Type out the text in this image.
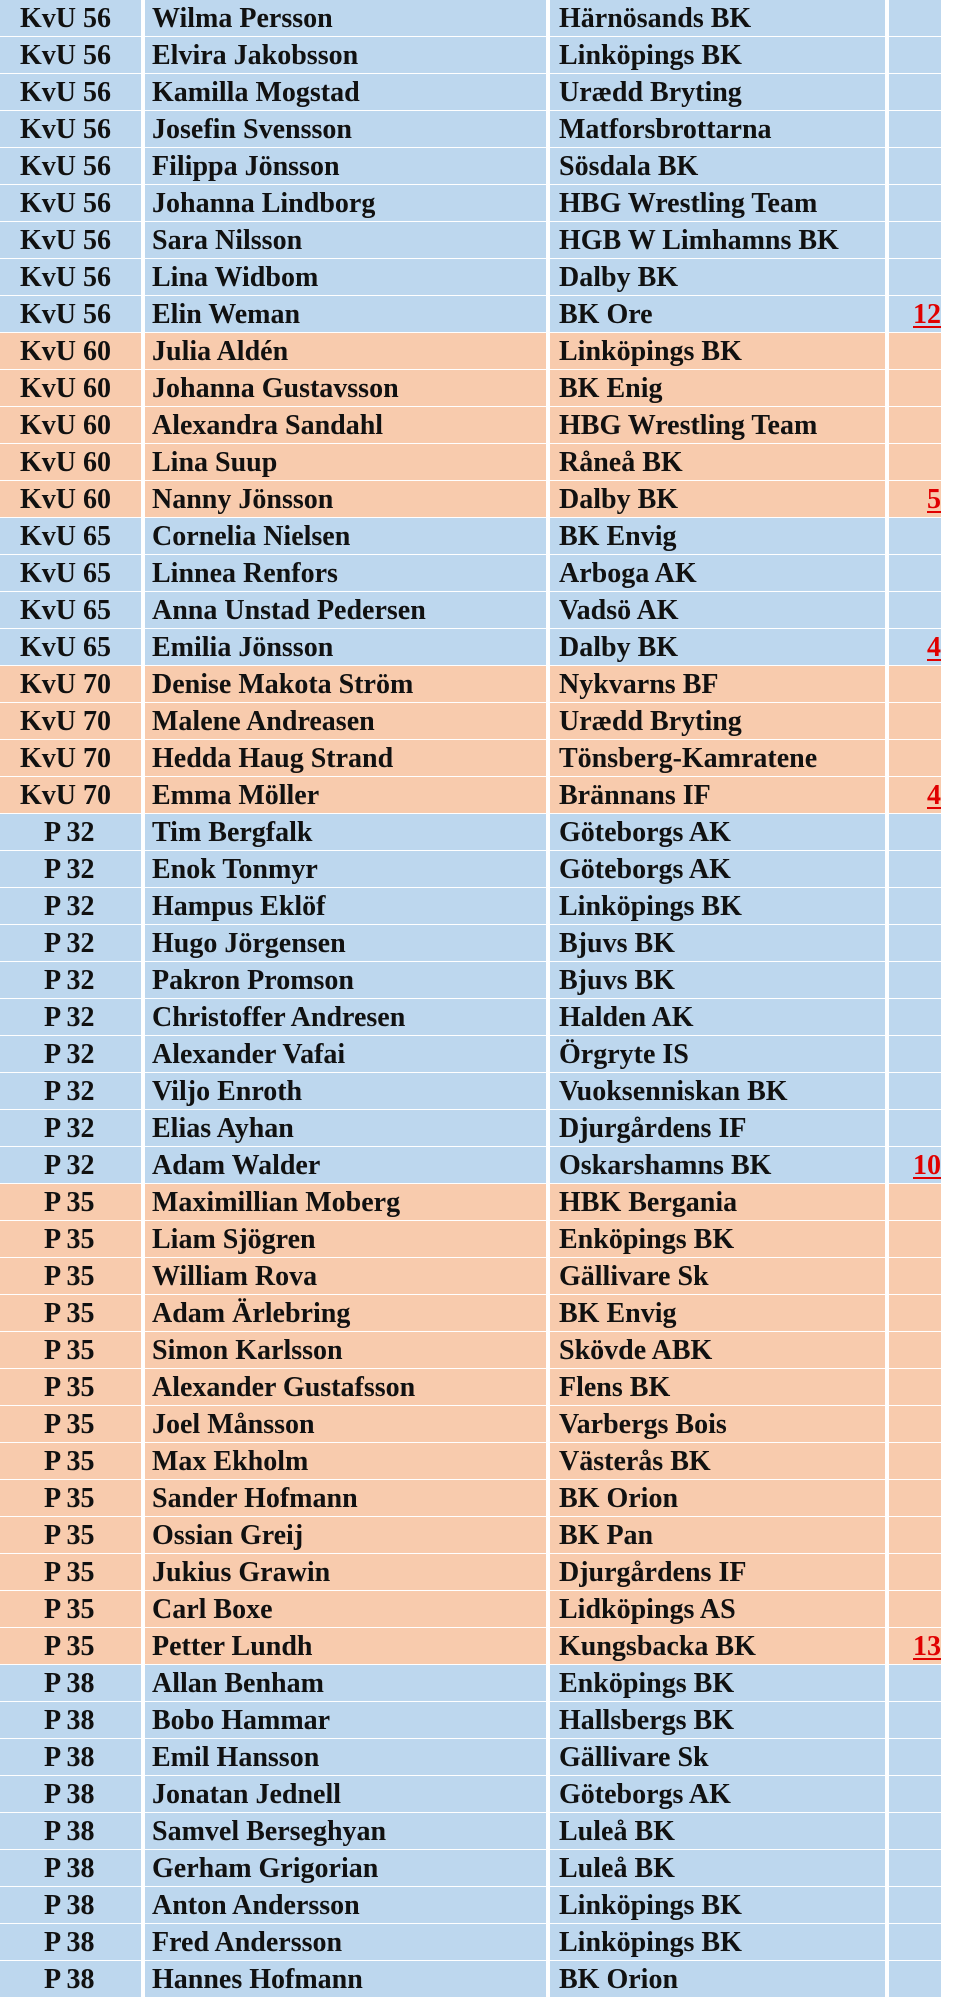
KvU 56	Wilma Persson	Härnösands BK
KvU 56	Elvira Jakobsson	Linköpings BK
KvU 56	Kamilla Mogstad	Urædd Bryting
KvU 56	Josefin Svensson	Matforsbrottarna
KvU 56	Filippa Jönsson	Sösdala BK
KvU 56	Johanna Lindborg	HBG Wrestling Team
KvU 56	Sara Nilsson	HGB W Limhamns BK
KvU 56	Lina Widbom	Dalby BK
KvU 56	Elin Weman	BK Ore	12
KvU 60	Julia Aldén	Linköpings BK
KvU 60	Johanna Gustavsson	BK Enig
KvU 60	Alexandra Sandahl	HBG Wrestling Team
KvU 60	Lina Suup	Råneå BK
KvU 60	Nanny Jönsson	Dalby BK	5
KvU 65	Cornelia Nielsen	BK Envig
KvU 65	Linnea Renfors	Arboga AK
KvU 65	Anna Unstad Pedersen	Vadsö AK
KvU 65	Emilia Jönsson	Dalby BK	4
KvU 70	Denise Makota Ström	Nykvarns BF
KvU 70	Malene Andreasen	Urædd Bryting
KvU 70	Hedda Haug Strand	Tönsberg-Kamratene
KvU 70	Emma Möller	Brännans IF	4
P 32	Tim Bergfalk	Göteborgs AK
P 32	Enok Tonmyr	Göteborgs AK
P 32	Hampus Eklöf	Linköpings BK
P 32	Hugo Jörgensen	Bjuvs BK
P 32	Pakron Promson	Bjuvs BK
P 32	Christoffer Andresen	Halden AK
P 32	Alexander Vafai	Örgryte IS
P 32	Viljo Enroth	Vuoksenniskan BK
P 32	Elias Ayhan	Djurgårdens IF
P 32	Adam Walder	Oskarshamns BK	10
P 35	Maximillian Moberg	HBK Bergania
P 35	Liam Sjögren	Enköpings BK
P 35	William Rova	Gällivare Sk
P 35	Adam Ärlebring	BK Envig
P 35	Simon Karlsson	Skövde ABK
P 35	Alexander Gustafsson	Flens BK
P 35	Joel Månsson	Varbergs Bois
P 35	Max Ekholm	Västerås BK
P 35	Sander Hofmann	BK Orion
P 35	Ossian Greij	BK Pan
P 35	Jukius Grawin	Djurgårdens IF
P 35	Carl Boxe	Lidköpings AS
P 35	Petter Lundh	Kungsbacka BK	13
P 38	Allan Benham	Enköpings BK
P 38	Bobo Hammar	Hallsbergs BK
P 38	Emil Hansson	Gällivare Sk
P 38	Jonatan Jednell	Göteborgs AK
P 38	Samvel Berseghyan	Luleå BK
P 38	Gerham Grigorian	Luleå BK
P 38	Anton Andersson	Linköpings BK
P 38	Fred Andersson	Linköpings BK
P 38	Hannes Hofmann	BK Orion
